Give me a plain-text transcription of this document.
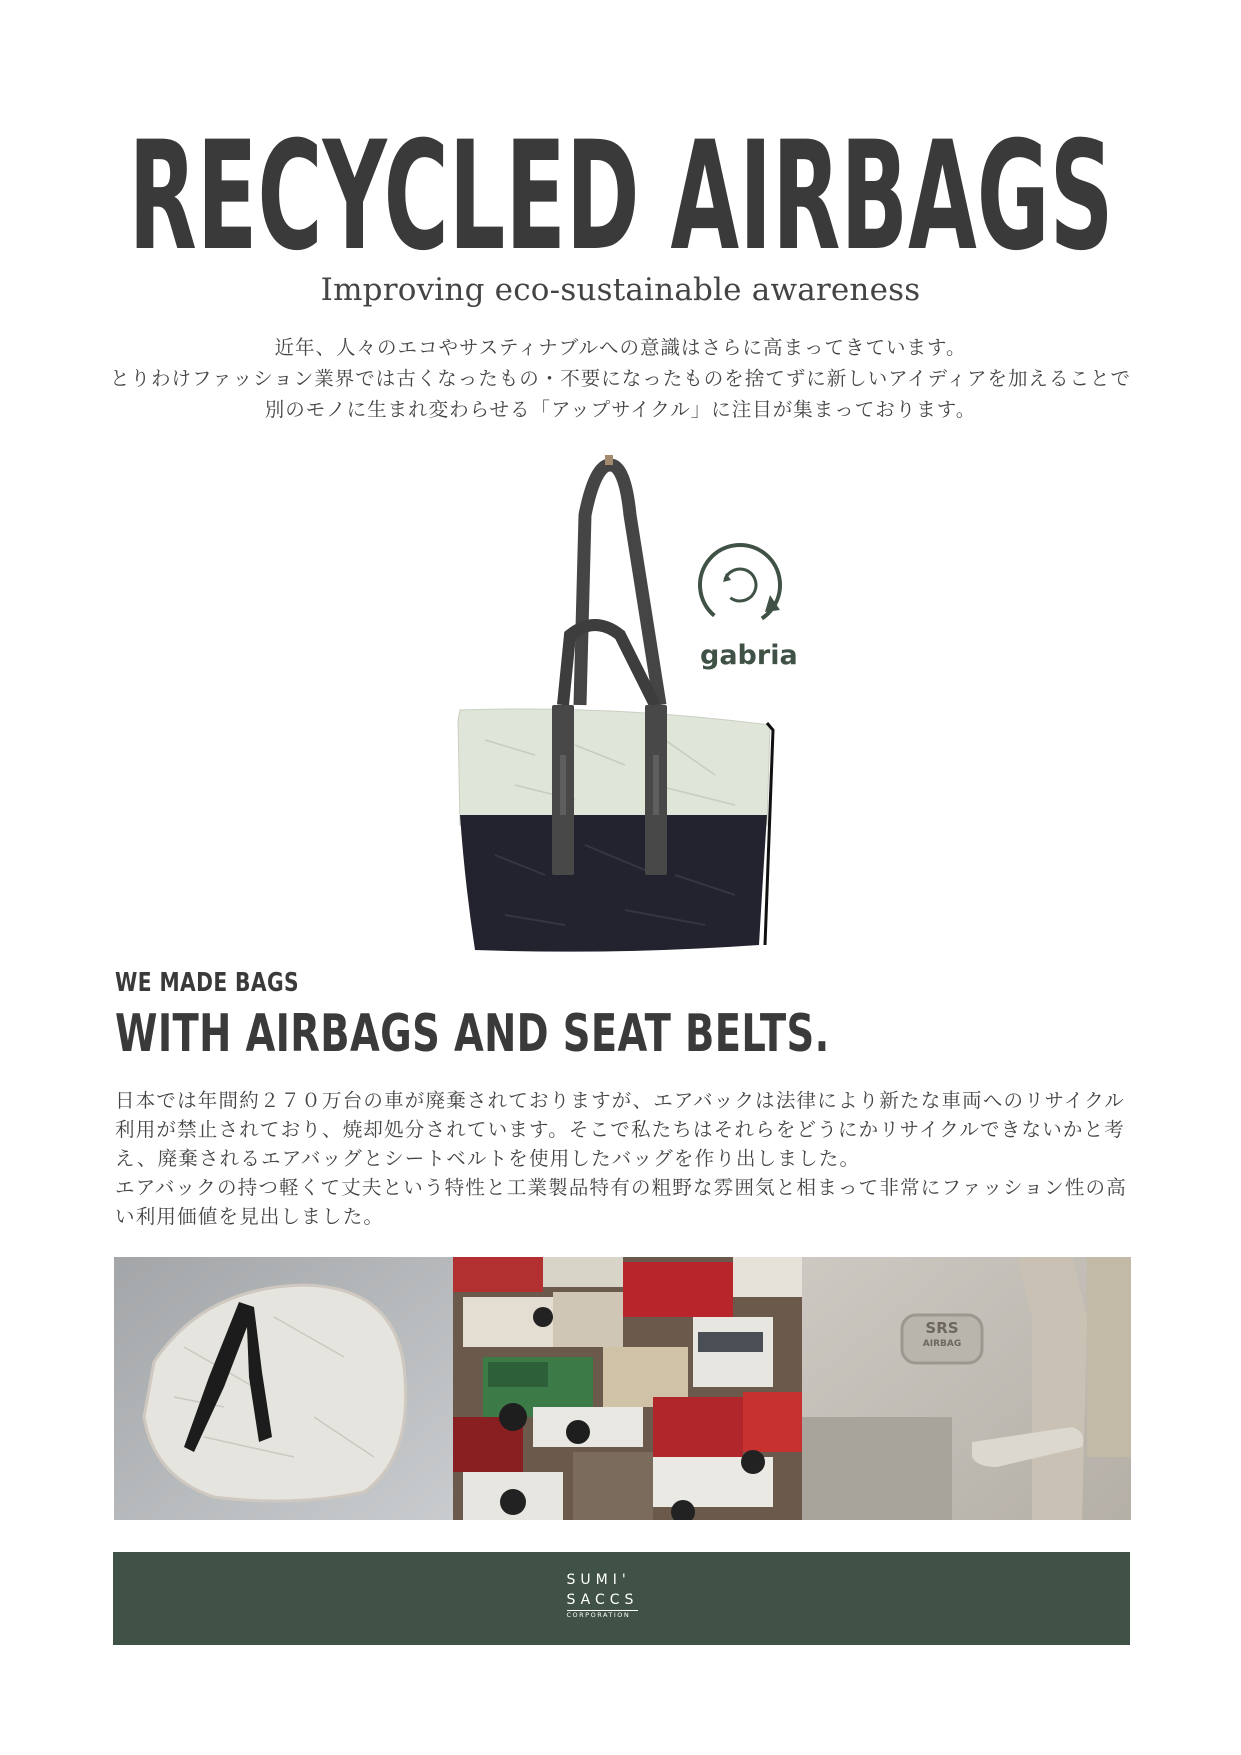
RECYCLED AIRBAGS
Improving eco-sustainable awareness
近年、人々のエコやサスティナブルへの意識はさらに高まってきています。
とりわけファッション業界では古くなったもの・不要になったものを捨てずに新しいアイディアを加えることで
別のモノに生まれ変わらせる「アップサイクル」に注目が集まっております。
gabria
WE MADE BAGS
WITH AIRBAGS AND SEAT BELTS.
日本では年間約２７０万台の車が廃棄されておりますが、エアバックは法律により新たな車両へのリサイクル
利用が禁止されており、焼却処分されています。そこで私たちはそれらをどうにかリサイクルできないかと考
え、廃棄されるエアバッグとシートベルトを使用したバッグを作り出しました。
エアバックの持つ軽くて丈夫という特性と工業製品特有の粗野な雰囲気と相まって非常にファッション性の高
い利用価値を見出しました。
SRS
AIRBAG
SUMI'
SACCS
CORPORATION
